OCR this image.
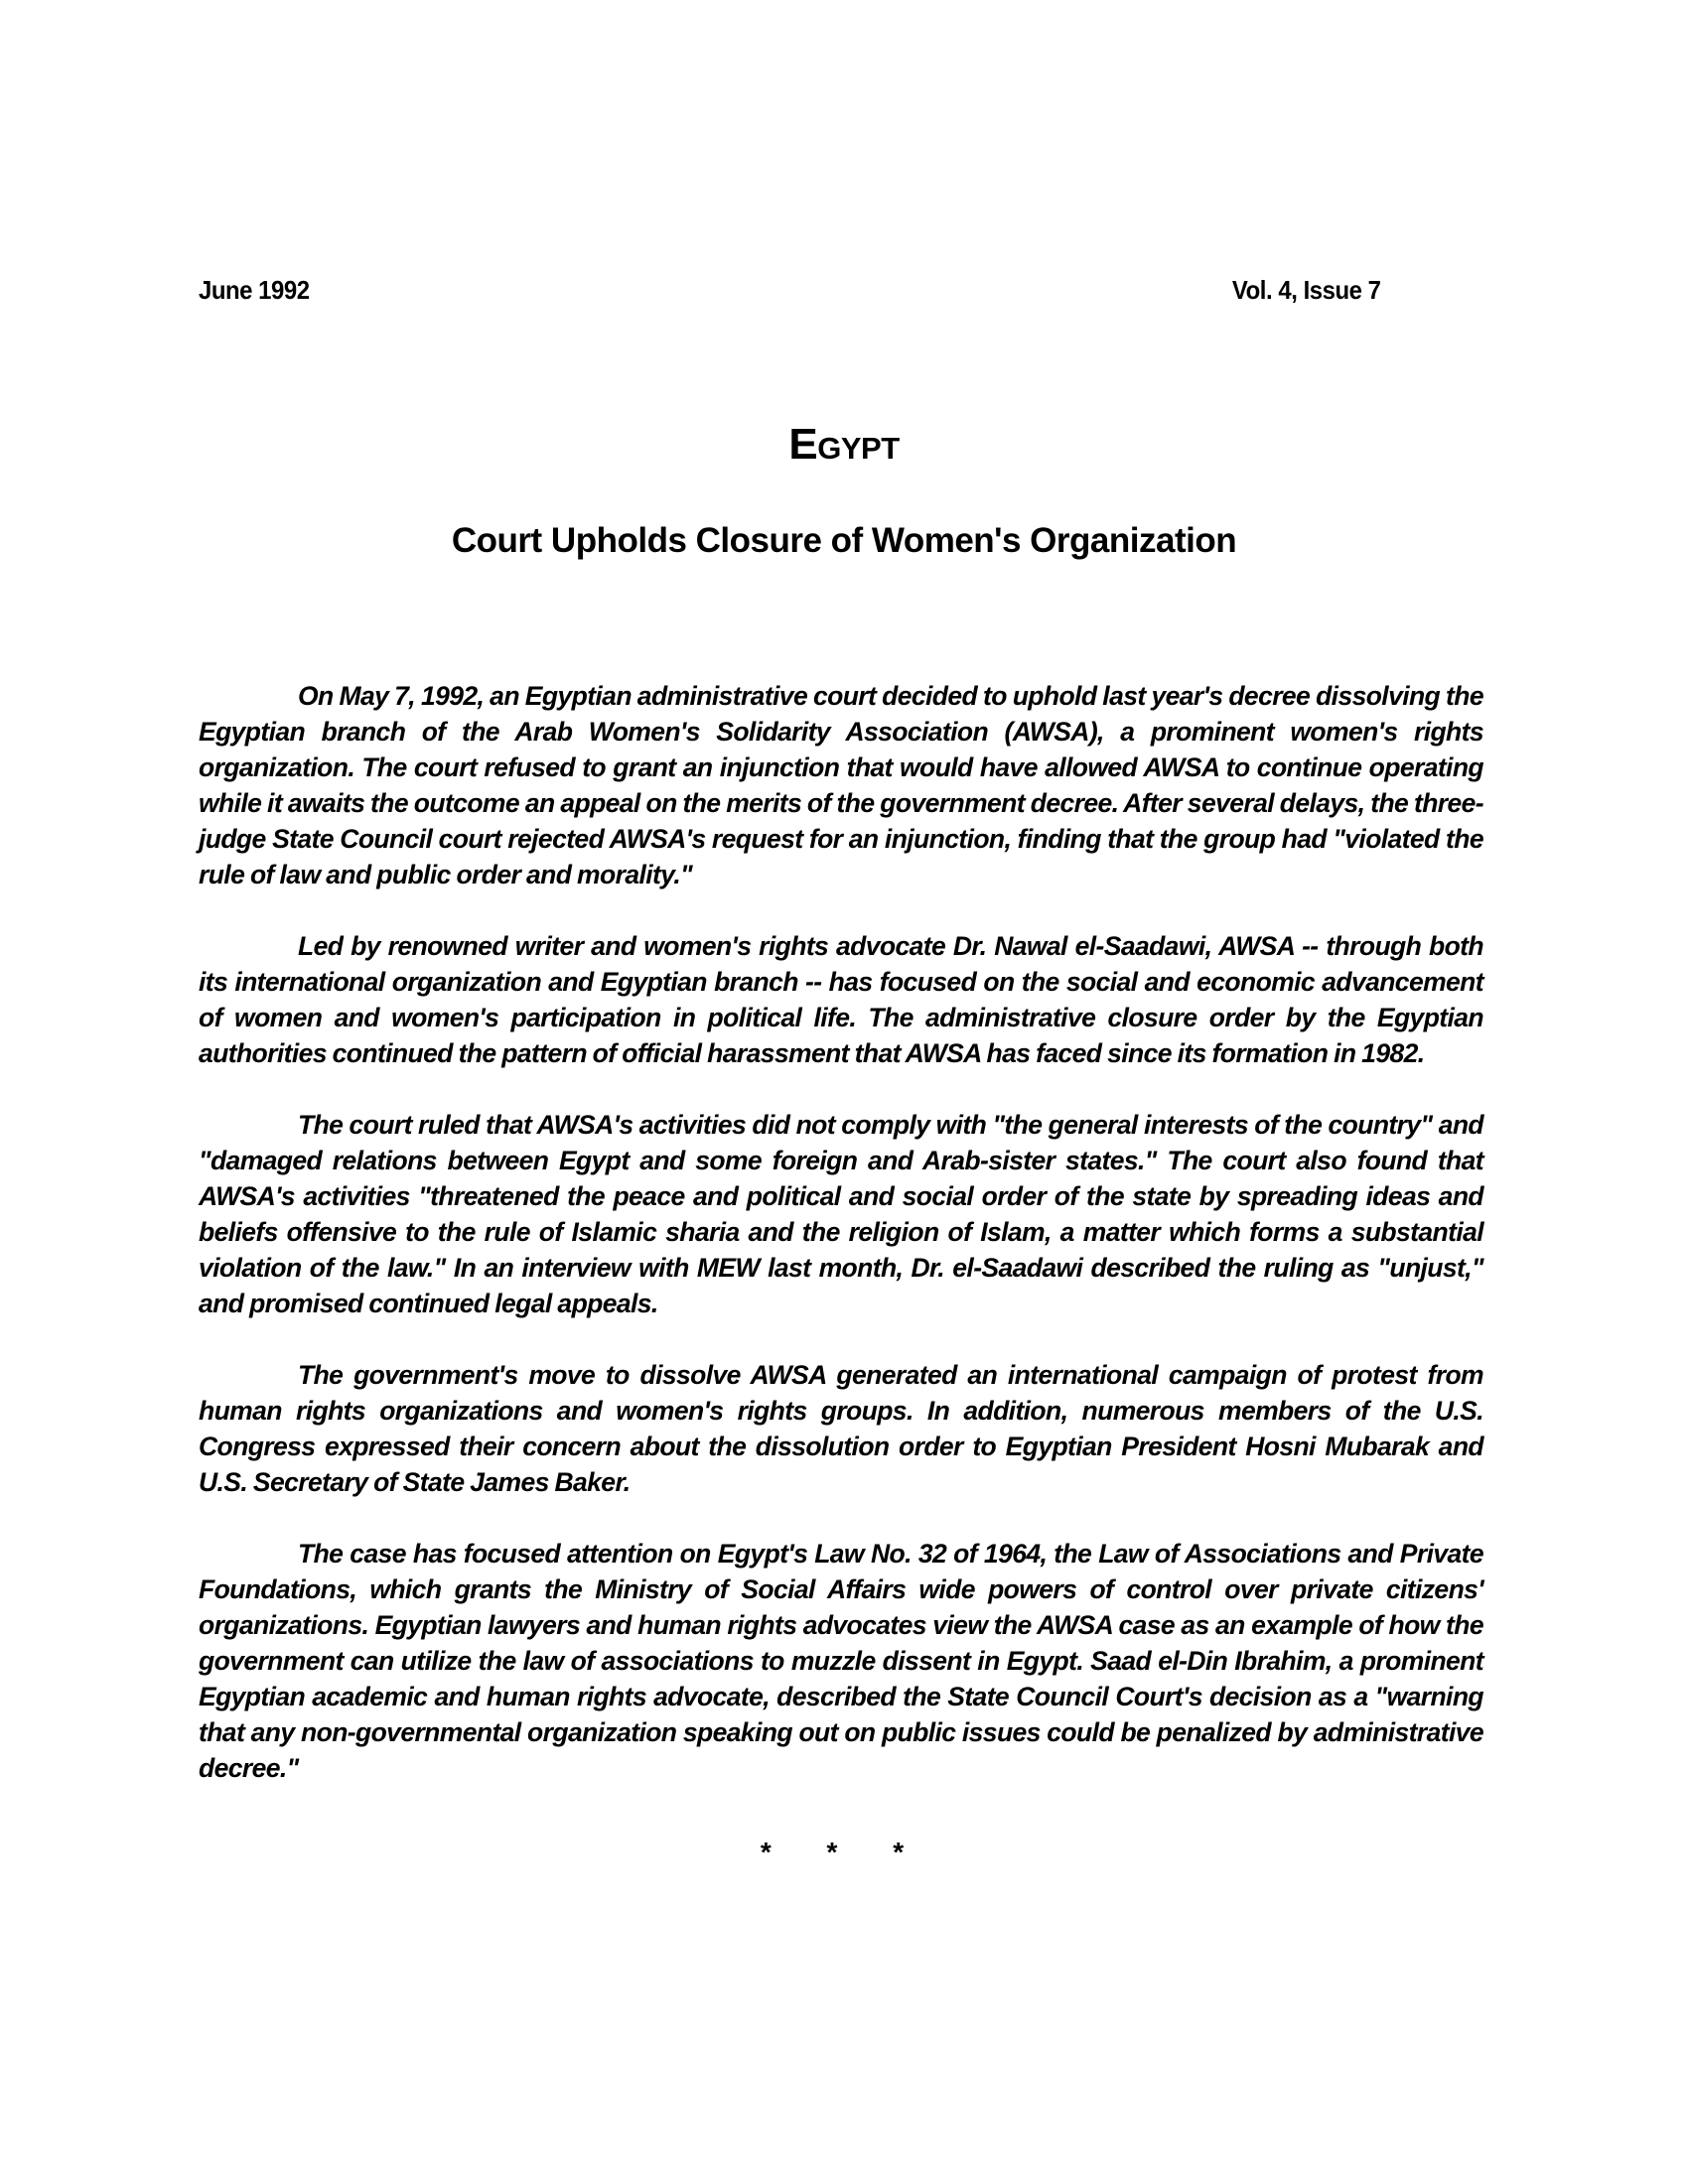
June 1992	Vol. 4, Issue 7
Egypt
Court Upholds Closure of Women's Organization

On May 7, 1992, an Egyptian administrative court decided to uphold last year's decree dissolving the Egyptian branch of the Arab Women's Solidarity Association (AWSA), a prominent women's rights organization. The court refused to grant an injunction that would have allowed AWSA to continue operating while it awaits the outcome an appeal on the merits of the government decree. After several delays, the three-judge State Council court rejected AWSA's request for an injunction, finding that the group had "violated the rule of law and public order and morality."

Led by renowned writer and women's rights advocate Dr. Nawal el-Saadawi, AWSA -- through both its international organization and Egyptian branch -- has focused on the social and economic advancement of women and women's participation in political life. The administrative closure order by the Egyptian authorities continued the pattern of official harassment that AWSA has faced since its formation in 1982.

The court ruled that AWSA's activities did not comply with "the general interests of the country" and "damaged relations between Egypt and some foreign and Arab-sister states." The court also found that AWSA's activities "threatened the peace and political and social order of the state by spreading ideas and beliefs offensive to the rule of Islamic sharia and the religion of Islam, a matter which forms a substantial violation of the law." In an interview with MEW last month, Dr. el-Saadawi described the ruling as "unjust," and promised continued legal appeals.

The government's move to dissolve AWSA generated an international campaign of protest from human rights organizations and women's rights groups. In addition, numerous members of the U.S. Congress expressed their concern about the dissolution order to Egyptian President Hosni Mubarak and U.S. Secretary of State James Baker.

The case has focused attention on Egypt's Law No. 32 of 1964, the Law of Associations and Private Foundations, which grants the Ministry of Social Affairs wide powers of control over private citizens' organizations. Egyptian lawyers and human rights advocates view the AWSA case as an example of how the government can utilize the law of associations to muzzle dissent in Egypt. Saad el-Din Ibrahim, a prominent Egyptian academic and human rights advocate, described the State Council Court's decision as a "warning that any non-governmental organization speaking out on public issues could be penalized by administrative decree."

* * *
